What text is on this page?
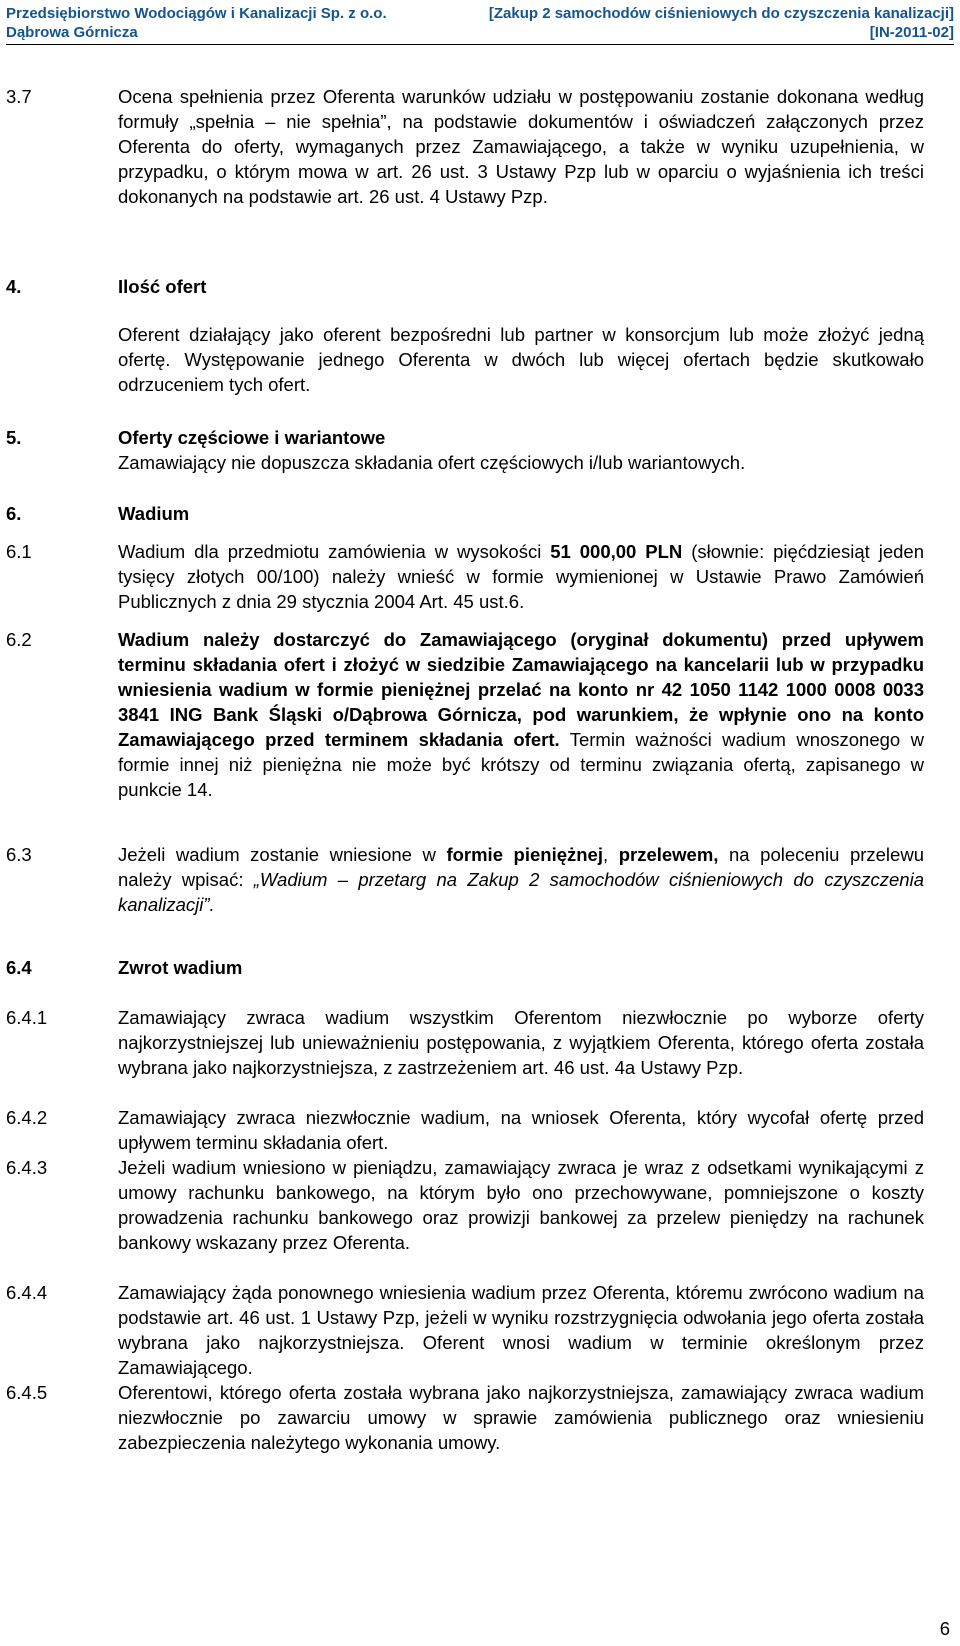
Przedsiębiorstwo Wodociągów i Kanalizacji Sp. z o.o.
Dąbrowa Górnicza
[Zakup 2 samochodów ciśnieniowych do czyszczenia kanalizacji]
[IN-2011-02]
3.7	Ocena spełnienia przez Oferenta warunków udziału w postępowaniu zostanie dokonana według formuły „spełnia – nie spełnia”, na podstawie dokumentów i oświadczeń załączonych przez Oferenta do oferty, wymaganych przez Zamawiającego, a także w wyniku uzupełnienia, w przypadku, o którym mowa w art. 26 ust. 3 Ustawy Pzp lub w oparciu o wyjaśnienia ich treści dokonanych na podstawie art. 26 ust. 4 Ustawy Pzp.
4.	Ilość ofert
Oferent działający jako oferent bezpośredni lub partner w konsorcjum lub może złożyć jedną ofertę. Występowanie jednego Oferenta w dwóch lub więcej ofertach będzie skutkowało odrzuceniem tych ofert.
5.	Oferty częściowe i wariantowe
Zamawiający nie dopuszcza składania ofert częściowych i/lub wariantowych.
6.	Wadium
6.1	Wadium dla przedmiotu zamówienia w wysokości 51 000,00 PLN (słownie: pięćdziesiąt jeden tysięcy złotych 00/100) należy wnieść w formie wymienionej w Ustawie Prawo Zamówień Publicznych z dnia 29 stycznia 2004 Art. 45 ust.6.
6.2	Wadium należy dostarczyć do Zamawiającego (oryginał dokumentu) przed upływem terminu składania ofert i złożyć w siedzibie Zamawiającego na kancelarii lub w przypadku wniesienia wadium w formie pieniężnej przelać na konto nr 42 1050 1142 1000 0008 0033 3841 ING Bank Śląski o/Dąbrowa Górnicza, pod warunkiem, że wpłynie ono na konto Zamawiającego przed terminem składania ofert. Termin ważności wadium wnoszonego w formie innej niż pieniężna nie może być krótszy od terminu związania ofertą, zapisanego w punkcie 14.
6.3	Jeżeli wadium zostanie wniesione w formie pieniężnej, przelewem, na poleceniu przelewu należy wpisać: „Wadium – przetarg na Zakup 2 samochodów ciśnieniowych do czyszczenia kanalizacji”.
6.4	Zwrot wadium
6.4.1	Zamawiający zwraca wadium wszystkim Oferentom niezwłocznie po wyborze oferty najkorzystniejszej lub unieważnieniu postępowania, z wyjątkiem Oferenta, którego oferta została wybrana jako najkorzystniejsza, z zastrzeżeniem art. 46 ust. 4a Ustawy Pzp.
6.4.2	Zamawiający zwraca niezwłocznie wadium, na wniosek Oferenta, który wycofał ofertę przed upływem terminu składania ofert.
6.4.3	Jeżeli wadium wniesiono w pieniądzu, zamawiający zwraca je wraz z odsetkami wynikającymi z umowy rachunku bankowego, na którym było ono przechowywane, pomniejszone o koszty prowadzenia rachunku bankowego oraz prowizji bankowej za przelew pieniędzy na rachunek bankowy wskazany przez Oferenta.
6.4.4	Zamawiający żąda ponownego wniesienia wadium przez Oferenta, któremu zwrócono wadium na podstawie art. 46 ust. 1 Ustawy Pzp, jeżeli w wyniku rozstrzygnięcia odwołania jego oferta została wybrana jako najkorzystniejsza. Oferent wnosi wadium w terminie określonym przez Zamawiającego.
6.4.5	Oferentowi, którego oferta została wybrana jako najkorzystniejsza, zamawiający zwraca wadium niezwłocznie po zawarciu umowy w sprawie zamówienia publicznego oraz wniesieniu zabezpieczenia należytego wykonania umowy.
6
